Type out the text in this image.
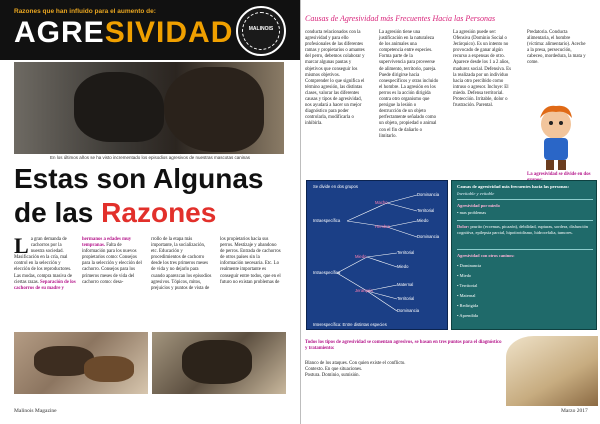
Razones que han influido para el aumento de:
AGRESIVIDAD	MALINOIS
En los últimos años se ha visto incrementado los episodios agresivos de nuestras mascotas caninas
Estas son Algunas
de las Razones
La gran demanda de cachorros por la nuestra sociedad. Masificación en la cría, mal control en la selección y elección de los reproductores. Las modas, compra masiva de ciertas razas. Separación de los cachorros de su madre y
hermanos a edades muy tempranas. Falta de información para los nuevos propietarios como: Consejos para la selección y elección del cachorro. Consejos para los primeros meses de vida del cachorro como: desa-
rrollo de la etapa más importante, la socialización, etc. Educación y procedimientos de cachorro desde los tres primeros meses de vida y no dejarlo para cuando aparezcan los episodios agresivos. Tópicos, mitos, prejuicios y puntos de vista de
los propietarios hacia sus perros. Mestizaje y abandono de perros. Entrada de cachorros de otros países sin la información necesaria. Etc. Lo realmente importante es conseguir entre todos, que en el futuro no existan problemas de
Malinois Magazine
Causas de Agresividad más Frecuentes Hacia las Personas
conducta relacionados con la agresividad y para ello profesionales de las diferentes ramas y propietarios o amantes del perro, debemos colaborar y marcar algunas pautas y objetivos que conseguir los mismos objetivos. Comprender lo que significa el término agresión, las distintas clases, valorar las diferentes causas y tipos de agresividad, nos ayudará a hacer un mejor diagnóstico para poder controlarla, modificarla o inhibirla.
La agresión tiene una justificación en la naturaleza de los animales una competencia entre especies. Forma parte de la supervivencia para proveerse de alimento, territorio, pareja. Puede dirigirse hacia conespecíficos y otras incluido el hombre. La agresión en los perros es la acción dirigida contra otro organismo que persigue la lesión o destrucción de un objeto perfectamente señalado como un objeto, propiedad o animal con el fin de dañarlo o limitarlo.
La agresión puede ser: Ofensiva (Dominio Social o Jerárquico). Es un intento no provocado de ganar algún recurso a expensas de otro. Aparece desde los 1 a 2 años, madurez social. Defensiva. Es la realizada por un individuo hacia otro percibido como intruso o agresor. Incluye: El miedo. Defensa territorial. Protección. Irritable, dolor o frustración. Parental.
Predatoria. Conducta alimentaria, el hombre (víctima: alimentario). Aceche a la presa, persecución, cabeceo, mordedura, la mata y come.
La agresividad se divide en dos
Se divide en dos grupos
Intraespecífica
Dominancia
Territorial
Miedo
Macho
Hembra
Dominancia
Intraespecífica
Territorial
Miedo
Maternal
Territorial
Dominancia
Miedo
Jerarquía
Interespecífica: Entre distintas especies
Causas de agresividad más frecuentes hacia las personas:
Inevitable y evitable
Agresividad por miedo
• mas problemas
Dolor: prurito (eccemas, picazón), debilidad, rupturas, sordera, disfunción cognitiva, epilepsia parcial, hipotiroidismo, hidrocefalia, tumores.
Agresividad con otros caninos:
• Dominancia
• Miedo
• Territorial
• Maternal
• Redirigida
• Aprendida
Todos los tipos de agresividad se comentan agresivos, se basan en tres puntos para el diagnóstico y tratamiento:
Blanco de los ataques. Con quien existe el conflicto.
Contexto. En que situaciones.
Postura. Dominio, sumisión.
Marzo 2017
